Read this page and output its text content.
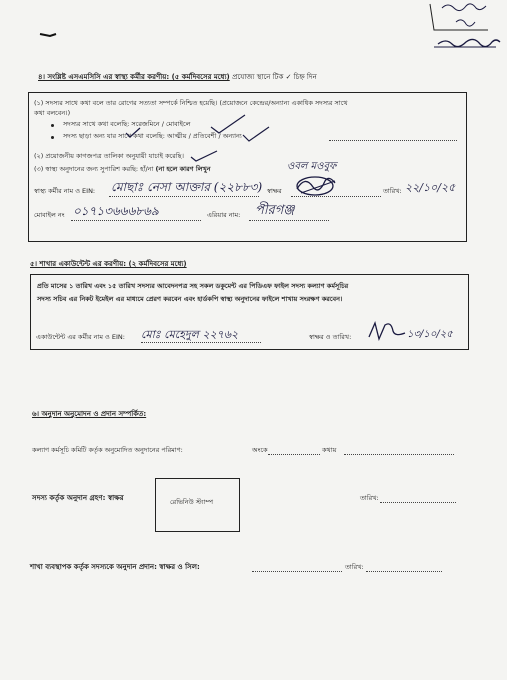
৪। সংশ্লিষ্ট এসএমসিসি এর স্বাস্থ্য কর্মীর করণীয়: (৫ কর্মদিবসের মধ্যে) প্রযোজ্য স্থানে টিক ✓ চিহ্ন দিন
(১) সদস্যর সাথে কথা বলে তার রোগের সত্যতা সম্পর্কে নিশ্চিত হয়েছি। (প্রয়োজনে কেন্দ্রের/অন্যান্য একাধিক সদস্যর সাথে
কথা বলবেন।)
সদস্যর সাথে কথা বলেছি: সরেজমিনে / মোবাইলে
সদস্য ছাড়া অন্য যার সাথে কথা বলেছি: আত্মীয় / প্রতিবেশী / অন্যান্য
(২) প্রয়োজনীয় কাগজপত্র তালিকা অনুযায়ী যাচাই করেছি।
(৩) স্বাস্থ্য অনুদানের জন্য সুপারিশ করছি: হাঁ/না (না হলে কারণ লিখুন	ওবল মওবুফ
স্বাস্থ্য কর্মীর নাম ও EIN: মোছাঃ নেসা আক্তার (২২৮৮৩) স্বাক্ষর	তারিখ: ২২/১০/২৫
মোবাইল নং ০১৭১৩৬৬৬৮৬৯	এরিয়ার নাম: পীরগঞ্জ
৫। শাখার একাউন্টেন্ট এর করণীয়: (২ কর্মদিবসের মধ্যে)
প্রতি মাসের ১ তারিখ এবং ১৫ তারিখ সদস্যর আবেদনপত্র সহ সকল ডকুমেন্ট এর পিডিএফ ফাইল সদস্য কল্যাণ কর্মসূচির
সদস্য সচিব এর নিকট ইমেইল এর মাধ্যমে প্রেরণ করবেন এবং হার্ডকপি স্বাস্থ্য অনুদানের ফাইলে শাখায় সংরক্ষণ করবেন।
একাউন্টেন্ট এর কর্মীর নাম ও EIN: মোঃ মেহেদুল ২২৭৬২	স্বাক্ষর ও তারিখ:	১৩/১০/২৫
৬। অনুদান অনুমোদন ও প্রদান সম্পর্কিত:
কল্যাণ কর্মসূচি কমিটি কর্তৃক অনুমোদিত অনুদানের পরিমাণ:	অংকে	কথায়
সদস্য কর্তৃক অনুদান গ্রহণ: স্বাক্ষর	রেভিনিউ স্ট্যাম্প	তারিখ:
শাখা ব্যবস্থাপক কর্তৃক সদস্যকে অনুদান প্রদান: স্বাক্ষর ও সিল:	তারিখ:
